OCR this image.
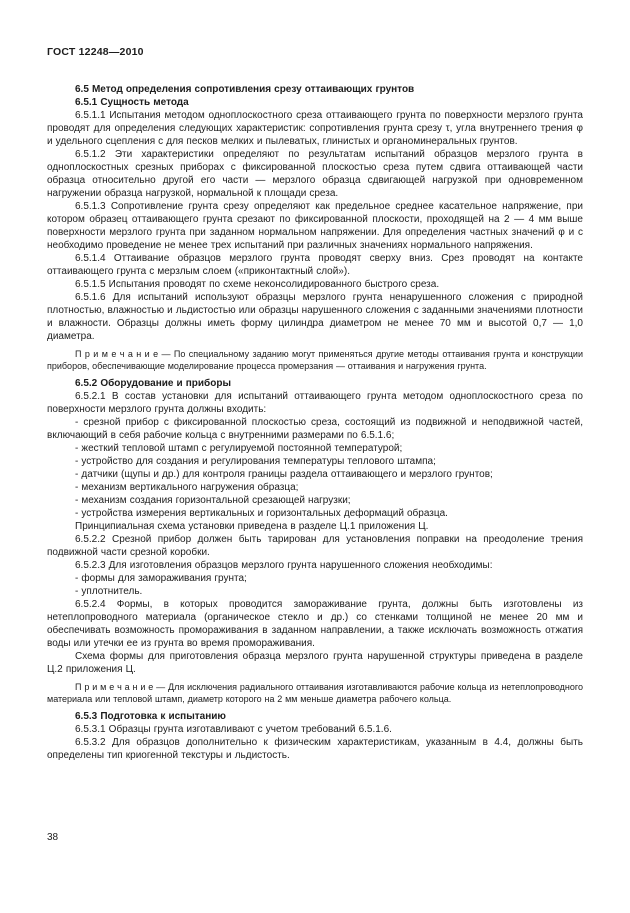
ГОСТ 12248—2010

6.5 Метод определения сопротивления срезу оттаивающих грунтов

6.5.1 Сущность метода

6.5.1.1 Испытания методом одноплоскостного среза оттаивающего грунта по поверхности мерзлого грунта проводят для определения следующих характеристик: сопротивления грунта срезу τ, угла внутреннего трения φ и удельного сцепления с для песков мелких и пылеватых, глинистых и органоминеральных грунтов.

6.5.1.2 Эти характеристики определяют по результатам испытаний образцов мерзлого грунта в одноплоскостных срезных приборах с фиксированной плоскостью среза путем сдвига оттаивающей части образца относительно другой его части — мерзлого образца сдвигающей нагрузкой при одновременном нагружении образца нагрузкой, нормальной к площади среза.

6.5.1.3 Сопротивление грунта срезу определяют как предельное среднее касательное напряжение, при котором образец оттаивающего грунта срезают по фиксированной плоскости, проходящей на 2 — 4 мм выше поверхности мерзлого грунта при заданном нормальном напряжении. Для определения частных значений φ и с необходимо проведение не менее трех испытаний при различных значениях нормального напряжения.

6.5.1.4 Оттаивание образцов мерзлого грунта проводят сверху вниз. Срез проводят на контакте оттаивающего грунта с мерзлым слоем («приконтактный слой»).

6.5.1.5 Испытания проводят по схеме неконсолидированного быстрого среза.

6.5.1.6 Для испытаний используют образцы мерзлого грунта ненарушенного сложения с природной плотностью, влажностью и льдистостью или образцы нарушенного сложения с заданными значениями плотности и влажности. Образцы должны иметь форму цилиндра диаметром не менее 70 мм и высотой 0,7 — 1,0 диаметра.

П р и м е ч а н и е — По специальному заданию могут применяться другие методы оттаивания грунта и конструкции приборов, обеспечивающие моделирование процесса промерзания — оттаивания и нагружения грунта.

6.5.2 Оборудование и приборы

6.5.2.1 В состав установки для испытаний оттаивающего грунта методом одноплоскостного среза по поверхности мерзлого грунта должны входить:

- срезной прибор с фиксированной плоскостью среза, состоящий из подвижной и неподвижной частей, включающий в себя рабочие кольца с внутренними размерами по 6.5.1.6;

- жесткий тепловой штамп с регулируемой постоянной температурой;

- устройство для создания и регулирования температуры теплового штампа;

- датчики (щупы и др.) для контроля границы раздела оттаивающего и мерзлого грунтов;

- механизм вертикального нагружения образца;

- механизм создания горизонтальной срезающей нагрузки;

- устройства измерения вертикальных и горизонтальных деформаций образца.

Принципиальная схема установки приведена в разделе Ц.1 приложения Ц.

6.5.2.2 Срезной прибор должен быть тарирован для установления поправки на преодоление трения подвижной части срезной коробки.

6.5.2.3 Для изготовления образцов мерзлого грунта нарушенного сложения необходимы:

- формы для замораживания грунта;

- уплотнитель.

6.5.2.4 Формы, в которых проводится замораживание грунта, должны быть изготовлены из нетеплопроводного материала (органическое стекло и др.) со стенками толщиной не менее 20 мм и обеспечивать возможность промораживания в заданном направлении, а также исключать возможность отжатия воды или утечки ее из грунта во время промораживания.

Схема формы для приготовления образца мерзлого грунта нарушенной структуры приведена в разделе Ц.2 приложения Ц.

П р и м е ч а н и е — Для исключения радиального оттаивания изготавливаются рабочие кольца из нетеплопроводного материала или тепловой штамп, диаметр которого на 2 мм меньше диаметра рабочего кольца.

6.5.3 Подготовка к испытанию

6.5.3.1 Образцы грунта изготавливают с учетом требований 6.5.1.6.

6.5.3.2 Для образцов дополнительно к физическим характеристикам, указанным в 4.4, должны быть определены тип криогенной текстуры и льдистость.

38
